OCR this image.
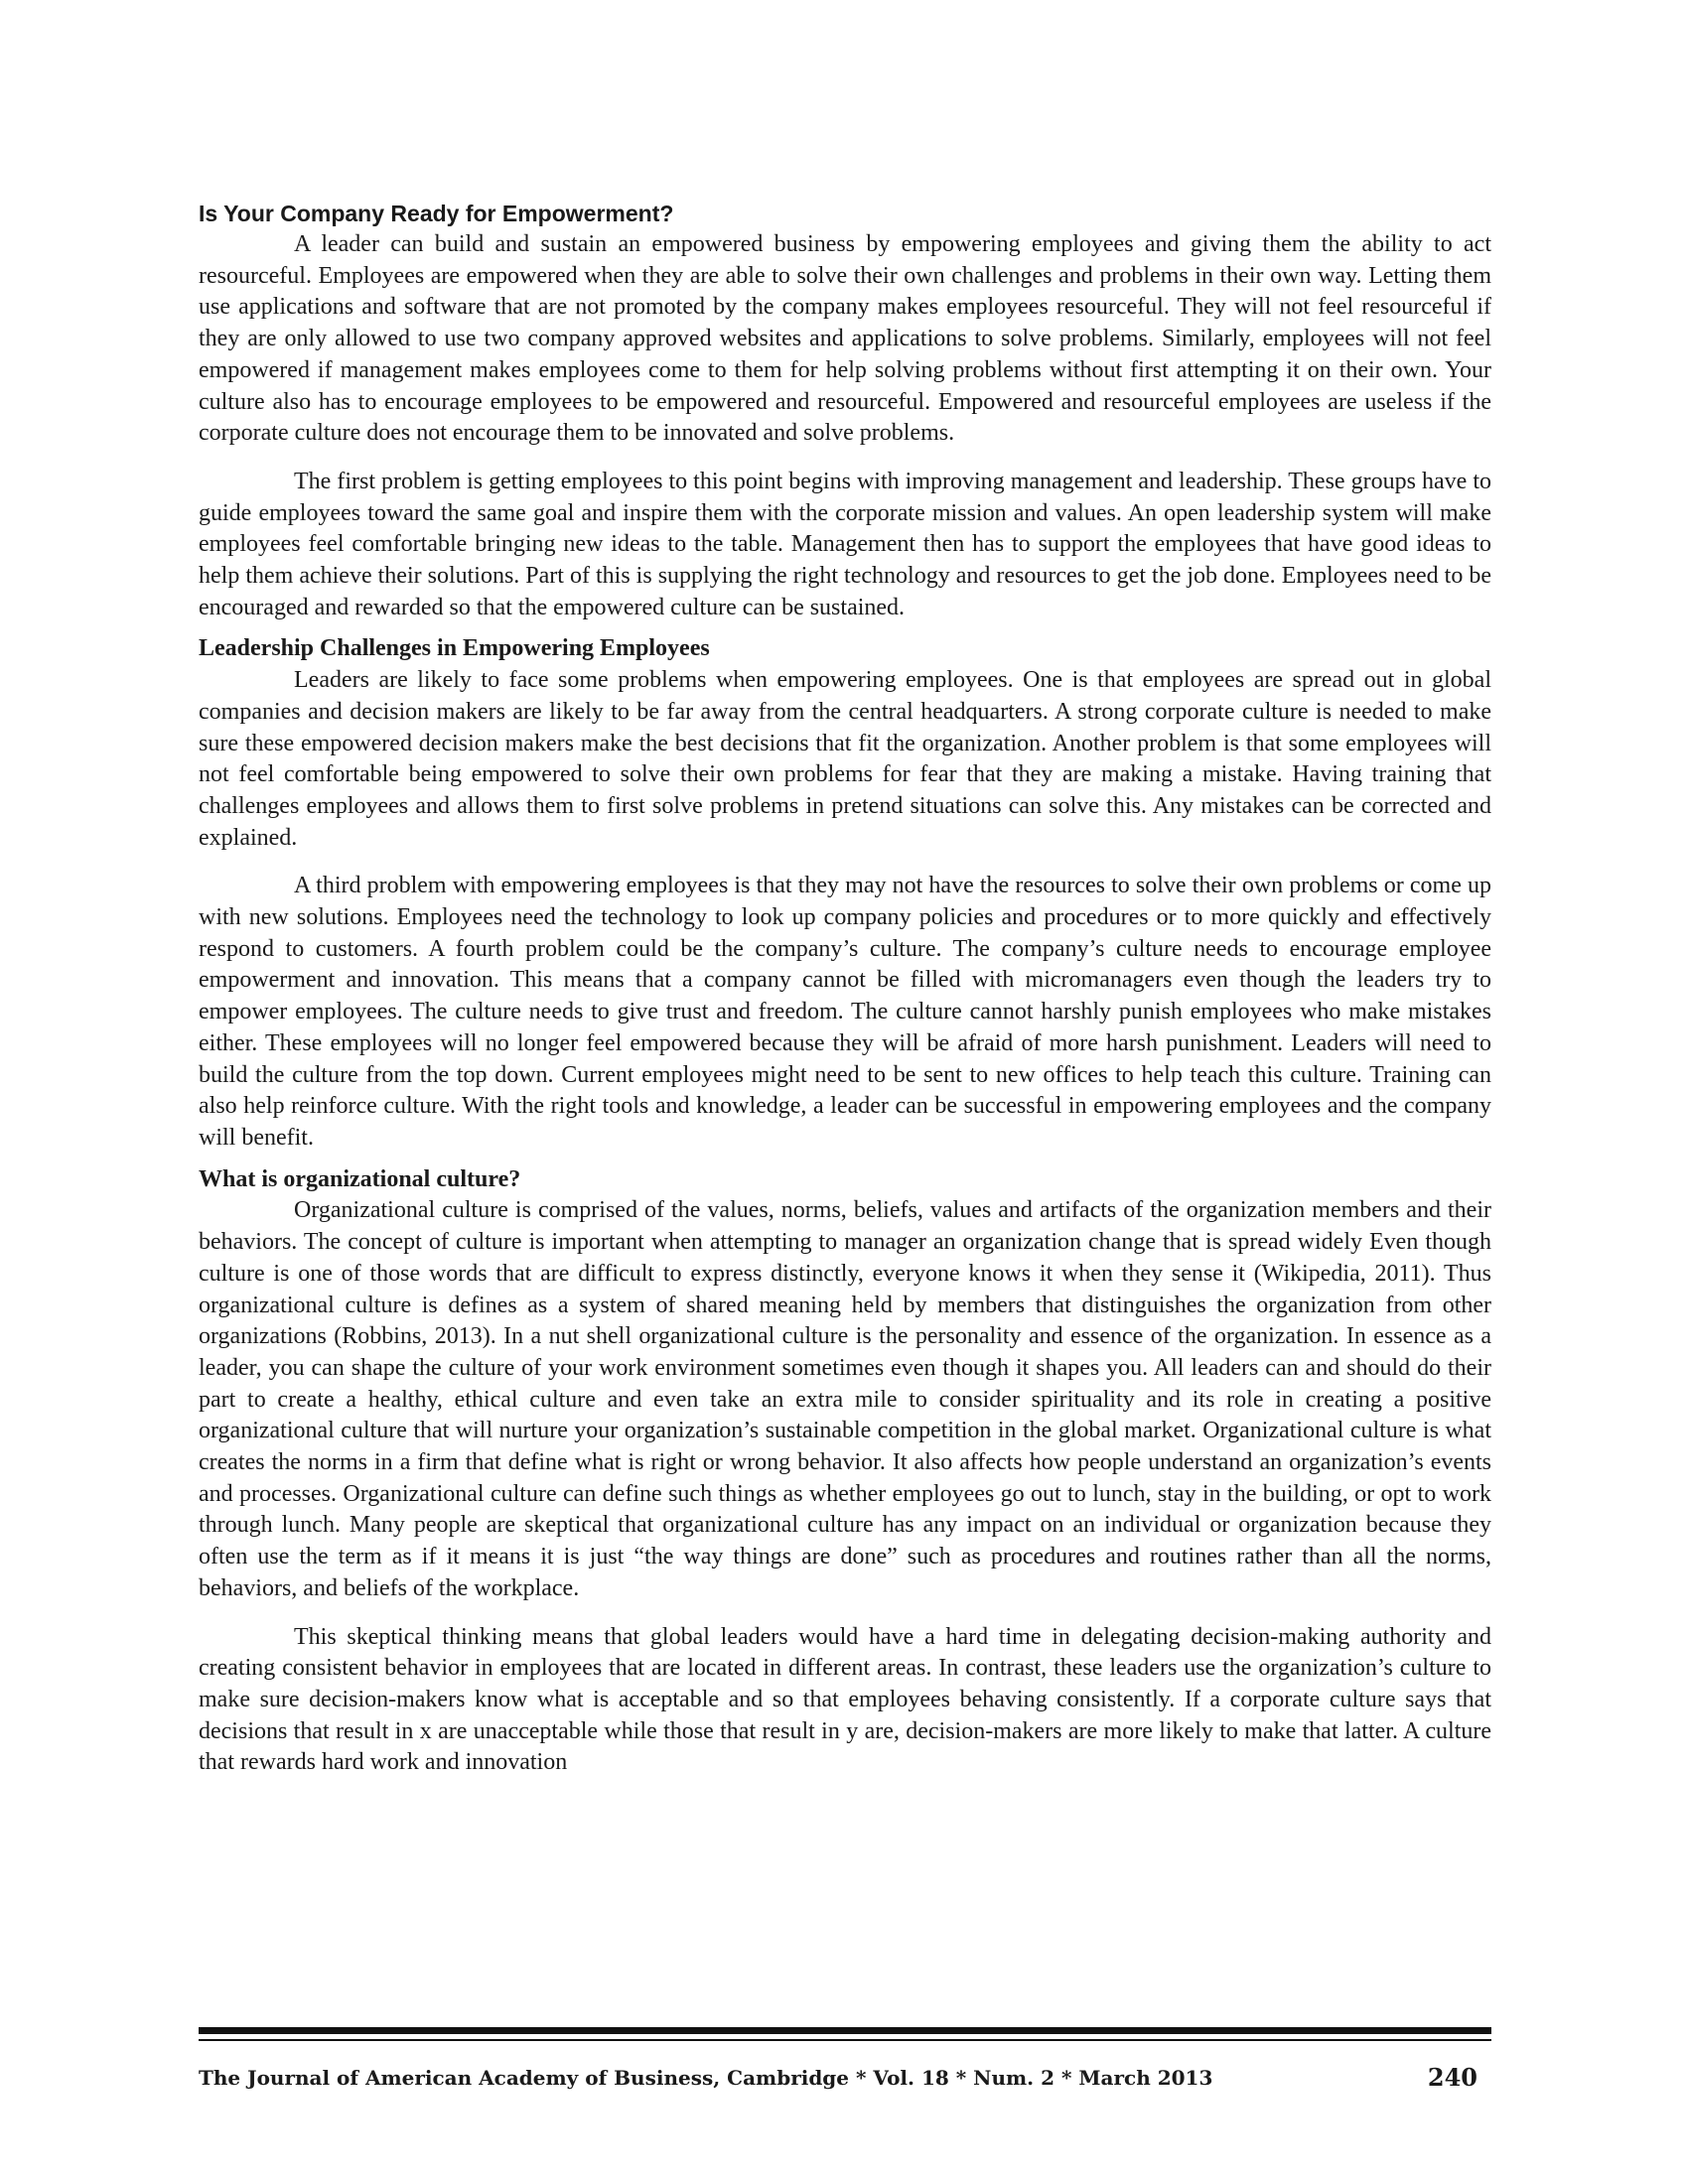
Is Your Company Ready for Empowerment?

A leader can build and sustain an empowered business by empowering employees and giving them the ability to act resourceful. Employees are empowered when they are able to solve their own challenges and problems in their own way. Letting them use applications and software that are not promoted by the company makes employees resourceful. They will not feel resourceful if they are only allowed to use two company approved websites and applications to solve problems. Similarly, employees will not feel empowered if management makes employees come to them for help solving problems without first attempting it on their own. Your culture also has to encourage employees to be empowered and resourceful. Empowered and resourceful employees are useless if the corporate culture does not encourage them to be innovated and solve problems.

The first problem is getting employees to this point begins with improving management and leadership. These groups have to guide employees toward the same goal and inspire them with the corporate mission and values. An open leadership system will make employees feel comfortable bringing new ideas to the table. Management then has to support the employees that have good ideas to help them achieve their solutions. Part of this is supplying the right technology and resources to get the job done. Employees need to be encouraged and rewarded so that the empowered culture can be sustained.

Leadership Challenges in Empowering Employees

Leaders are likely to face some problems when empowering employees. One is that employees are spread out in global companies and decision makers are likely to be far away from the central headquarters. A strong corporate culture is needed to make sure these empowered decision makers make the best decisions that fit the organization. Another problem is that some employees will not feel comfortable being empowered to solve their own problems for fear that they are making a mistake. Having training that challenges employees and allows them to first solve problems in pretend situations can solve this. Any mistakes can be corrected and explained.

A third problem with empowering employees is that they may not have the resources to solve their own problems or come up with new solutions. Employees need the technology to look up company policies and procedures or to more quickly and effectively respond to customers. A fourth problem could be the company’s culture. The company’s culture needs to encourage employee empowerment and innovation. This means that a company cannot be filled with micromanagers even though the leaders try to empower employees. The culture needs to give trust and freedom. The culture cannot harshly punish employees who make mistakes either. These employees will no longer feel empowered because they will be afraid of more harsh punishment. Leaders will need to build the culture from the top down. Current employees might need to be sent to new offices to help teach this culture. Training can also help reinforce culture. With the right tools and knowledge, a leader can be successful in empowering employees and the company will benefit.

What is organizational culture?

Organizational culture is comprised of the values, norms, beliefs, values and artifacts of the organization members and their behaviors. The concept of culture is important when attempting to manager an organization change that is spread widely Even though culture is one of those words that are difficult to express distinctly, everyone knows it when they sense it (Wikipedia, 2011). Thus organizational culture is defines as a system of shared meaning held by members that distinguishes the organization from other organizations (Robbins, 2013). In a nut shell organizational culture is the personality and essence of the organization. In essence as a leader, you can shape the culture of your work environment sometimes even though it shapes you. All leaders can and should do their part to create a healthy, ethical culture and even take an extra mile to consider spirituality and its role in creating a positive organizational culture that will nurture your organization’s sustainable competition in the global market. Organizational culture is what creates the norms in a firm that define what is right or wrong behavior. It also affects how people understand an organization’s events and processes. Organizational culture can define such things as whether employees go out to lunch, stay in the building, or opt to work through lunch. Many people are skeptical that organizational culture has any impact on an individual or organization because they often use the term as if it means it is just “the way things are done” such as procedures and routines rather than all the norms, behaviors, and beliefs of the workplace.

This skeptical thinking means that global leaders would have a hard time in delegating decision-making authority and creating consistent behavior in employees that are located in different areas. In contrast, these leaders use the organization’s culture to make sure decision-makers know what is acceptable and so that employees behaving consistently. If a corporate culture says that decisions that result in x are unacceptable while those that result in y are, decision-makers are more likely to make that latter. A culture that rewards hard work and innovation

The Journal of American Academy of Business, Cambridge * Vol. 18 * Num. 2 * March 2013	240
